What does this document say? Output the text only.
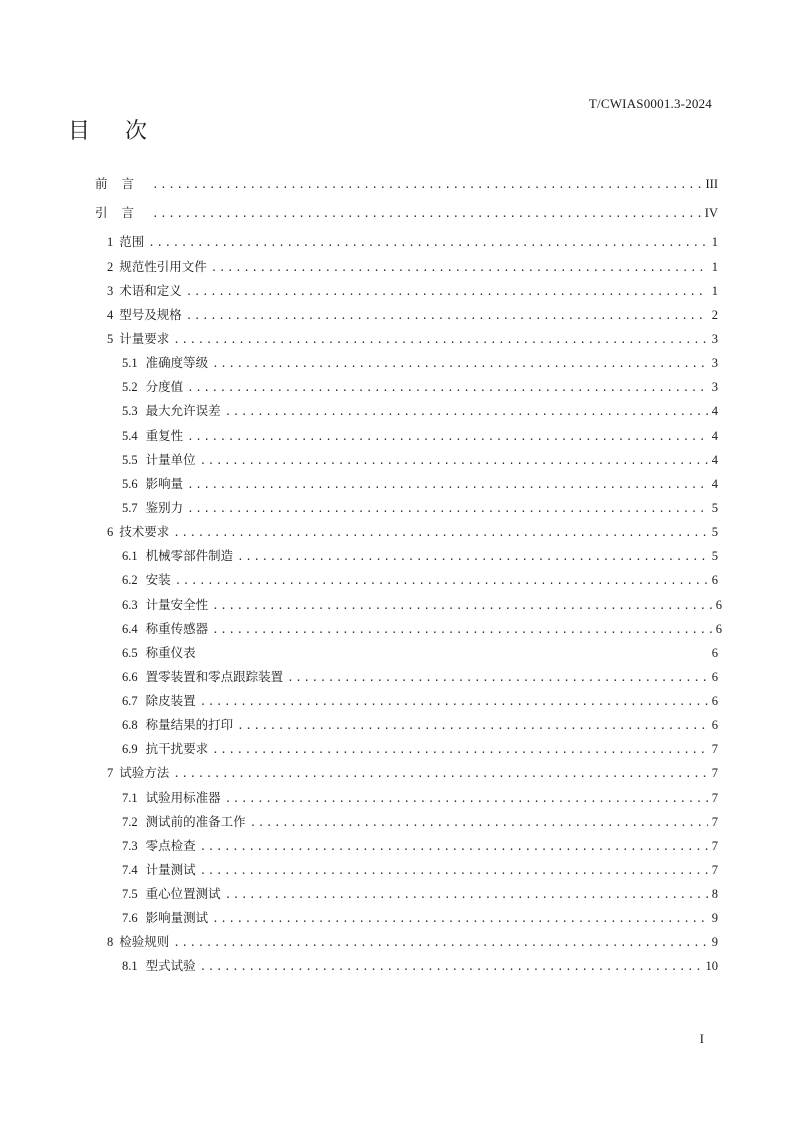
T/CWIAS0001.3-2024
目 次
前言 .....	III
引言 .....	IV
1 范围 .....	1
2 规范性引用文件 .....	1
3 术语和定义 .....	1
4 型号及规格 .....	2
5 计量要求 .....	3
5.1 准确度等级 .....	3
5.2 分度值 .....	3
5.3 最大允许误差 .....	4
5.4 重复性 .....	4
5.5 计量单位 .....	4
5.6 影响量 .....	4
5.7 鉴别力 .....	5
6 技术要求 .....	5
6.1 机械零部件制造 .....	5
6.2 安装 .....	6
6.3 计量安全性 .....	6
6.4 称重传感器 .....	6
6.5 称重仪表	6
6.6 置零装置和零点跟踪装置 .....	6
6.7 除皮装置 .....	6
6.8 称量结果的打印 .....	6
6.9 抗干扰要求 .....	7
7 试验方法 .....	7
7.1 试验用标准器 .....	7
7.2 测试前的准备工作 .....	7
7.3 零点检查 .....	7
7.4 计量测试 .....	7
7.5 重心位置测试 .....	8
7.6 影响量测试 .....	9
8 检验规则 .....	9
8.1 型式试验 .....	10
I
